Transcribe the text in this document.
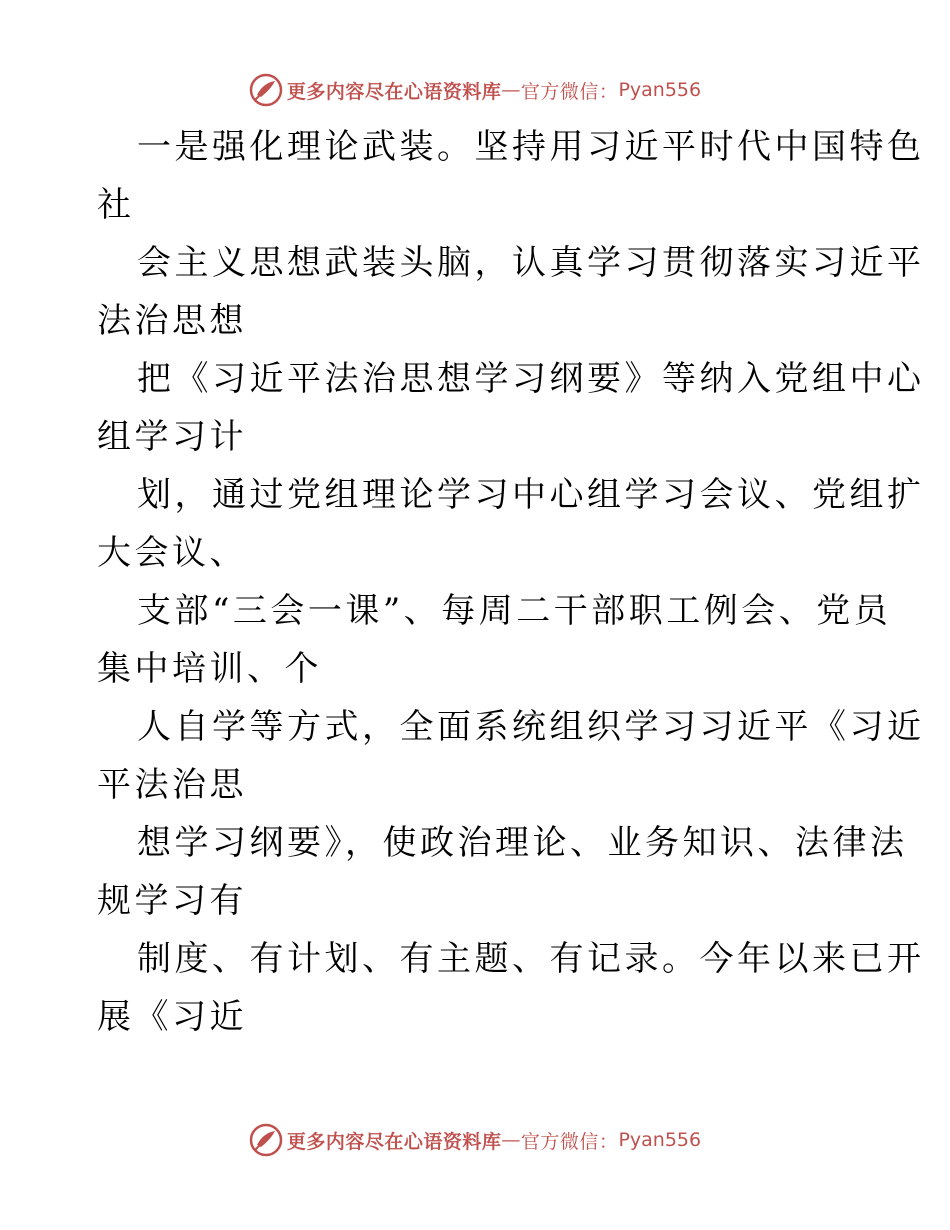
更多内容尽在心语资料库 — 官方微信： Pyan556
一是强化理论武装。坚持用习近平时代中国特色
社
会主义思想武装头脑，认真学习贯彻落实习近平
法治思想
把《习近平法治思想学习纲要》等纳入党组中心
组学习计
划，通过党组理论学习中心组学习会议、党组扩
大会议、
支部“三会一课”、每周二干部职工例会、党员
集中培训、个
人自学等方式，全面系统组织学习习近平《习近
平法治思
想学习纲要》，使政治理论、业务知识、法律法
规学习有
制度、有计划、有主题、有记录。今年以来已开
展《习近
更多内容尽在心语资料库 — 官方微信： Pyan556
